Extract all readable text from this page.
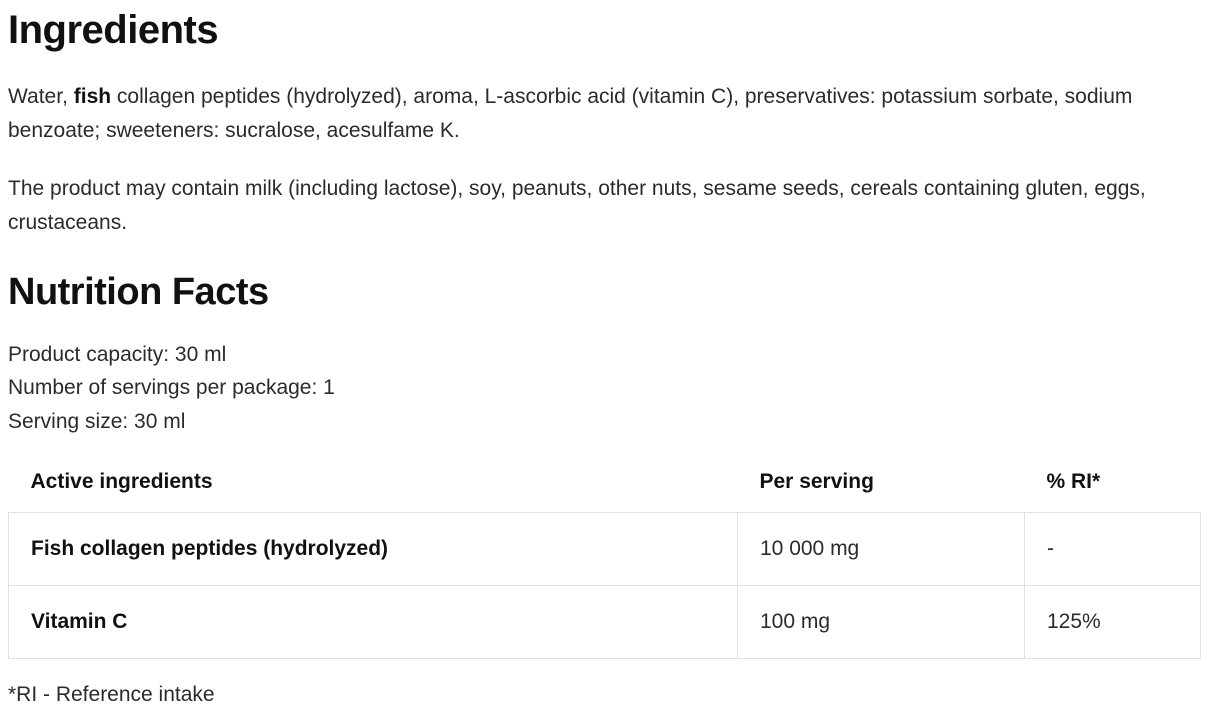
Ingredients

Water, fish collagen peptides (hydrolyzed), aroma, L-ascorbic acid (vitamin C), preservatives: potassium sorbate, sodium benzoate; sweeteners: sucralose, acesulfame K.

The product may contain milk (including lactose), soy, peanuts, other nuts, sesame seeds, cereals containing gluten, eggs, crustaceans.

Nutrition Facts
Product capacity: 30 ml
Number of servings per package: 1
Serving size: 30 ml
Active ingredients	Per serving	% RI*
Fish collagen peptides (hydrolyzed)	10 000 mg	-
Vitamin C	100 mg	125%
*RI - Reference intake
